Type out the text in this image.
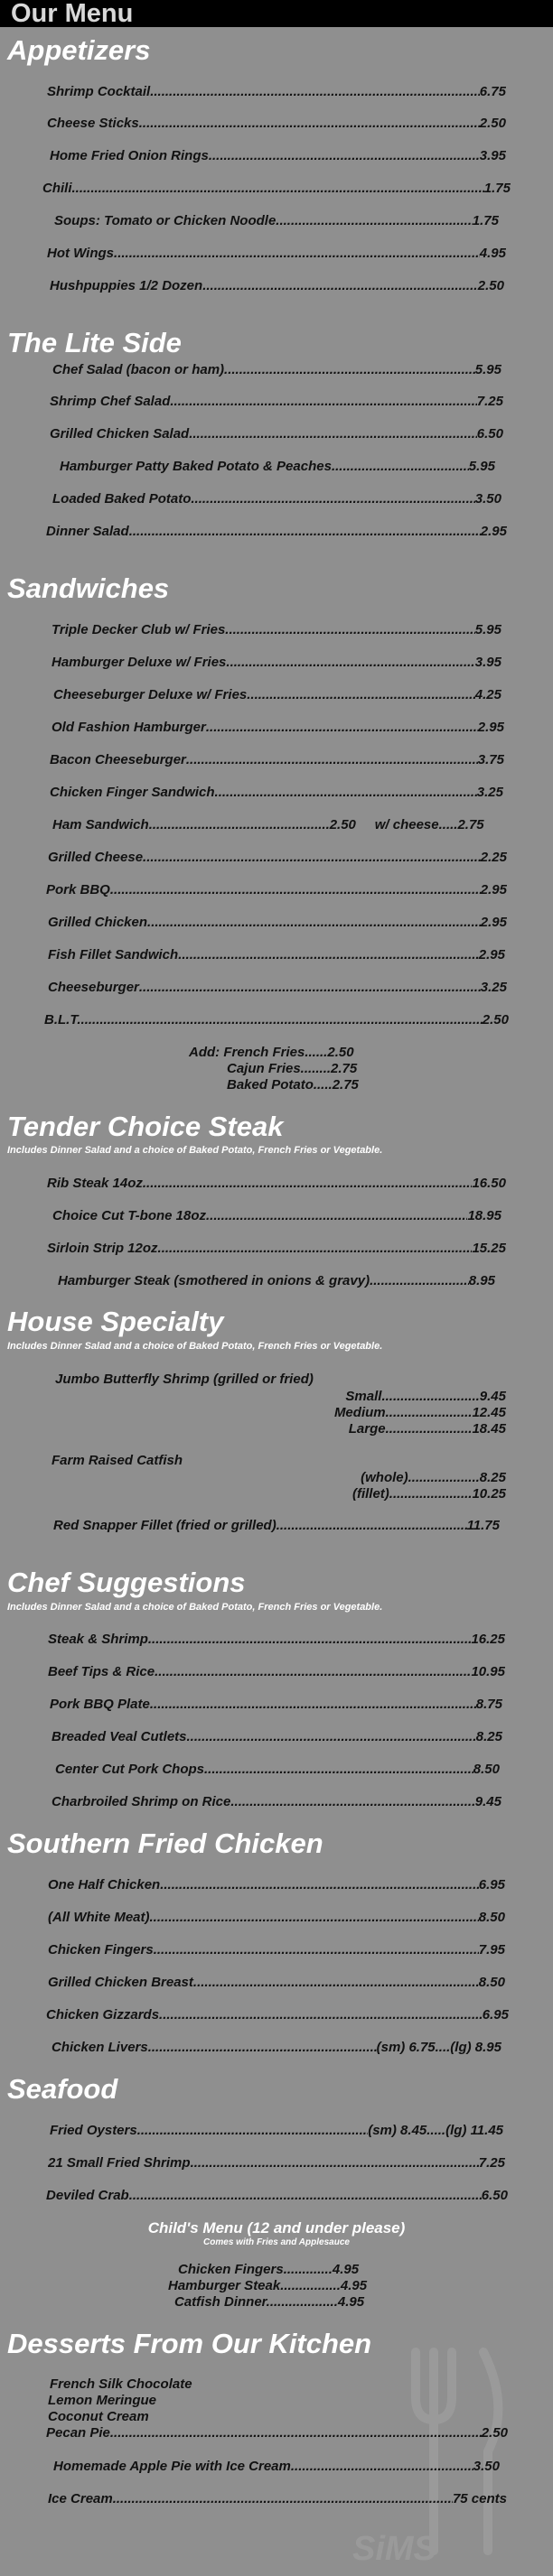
Our Menu
Appetizers
Shrimp Cocktail .....	6.75
Cheese Sticks .....	2.50
Home Fried Onion Rings .....	3.95
Chili .....	1.75
Soups: Tomato or Chicken Noodle .....	1.75
Hot Wings .....	4.95
Hushpuppies 1/2 Dozen .....	2.50
The Lite Side
Chef Salad (bacon or ham) .....	5.95
Shrimp Chef Salad .....	7.25
Grilled Chicken Salad .....	6.50
Hamburger Patty Baked Potato & Peaches .....	5.95
Loaded Baked Potato .....	3.50
Dinner Salad .....	2.95
Sandwiches
Triple Decker Club w/ Fries .....	5.95
Hamburger Deluxe w/ Fries .....	3.95
Cheeseburger Deluxe w/ Fries .....	4.25
Old Fashion Hamburger .....	2.95
Bacon Cheeseburger .....	3.75
Chicken Finger Sandwich .....	3.25
Ham Sandwich .....	2.50     w/ cheese.....2.75
Grilled Cheese .....	2.25
Pork BBQ .....	2.95
Grilled Chicken .....	2.95
Fish Fillet Sandwich .....	2.95
Cheeseburger .....	3.25
B.L.T. .....	2.50
Add: French Fries......2.50
Cajun Fries........2.75
Baked Potato.....2.75
Tender Choice Steak
Includes Dinner Salad and a choice of Baked Potato, French Fries or Vegetable.
Rib Steak 14oz .....	16.50
Choice Cut T-bone 18oz .....	18.95
Sirloin Strip 12oz .....	15.25
Hamburger Steak (smothered in onions & gravy) .....	8.95
House Specialty
Includes Dinner Salad and a choice of Baked Potato, French Fries or Vegetable.
Jumbo Butterfly Shrimp (grilled or fried)
Small..........................9.45
Medium.......................12.45
Large.......................18.45
Farm Raised Catfish
(whole)...................8.25
(fillet)......................10.25
Red Snapper Fillet (fried or grilled) .....	11.75
Chef Suggestions
Includes Dinner Salad and a choice of Baked Potato, French Fries or Vegetable.
Steak & Shrimp .....	16.25
Beef Tips & Rice .....	10.95
Pork BBQ Plate .....	8.75
Breaded Veal Cutlets .....	8.25
Center Cut Pork Chops .....	8.50
Charbroiled Shrimp on Rice .....	9.45
Southern Fried Chicken
One Half Chicken .....	6.95
(All White Meat) .....	8.50
Chicken Fingers .....	7.95
Grilled Chicken Breast .....	8.50
Chicken Gizzards .....	6.95
Chicken Livers .....	(sm) 6.75....(lg) 8.95
Seafood
Fried Oysters .....	(sm) 8.45.....(lg) 11.45
21 Small Fried Shrimp .....	7.25
Deviled Crab .....	6.50
Child's Menu (12 and under please)
Comes with Fries and Applesauce
Chicken Fingers.............4.95
Hamburger Steak................4.95
Catfish Dinner...................4.95
SiMS
Desserts From Our Kitchen
French Silk Chocolate
Lemon Meringue
Coconut Cream
Pecan Pie .....	2.50
Homemade Apple Pie with Ice Cream .....	3.50
Ice Cream .....	75 cents
